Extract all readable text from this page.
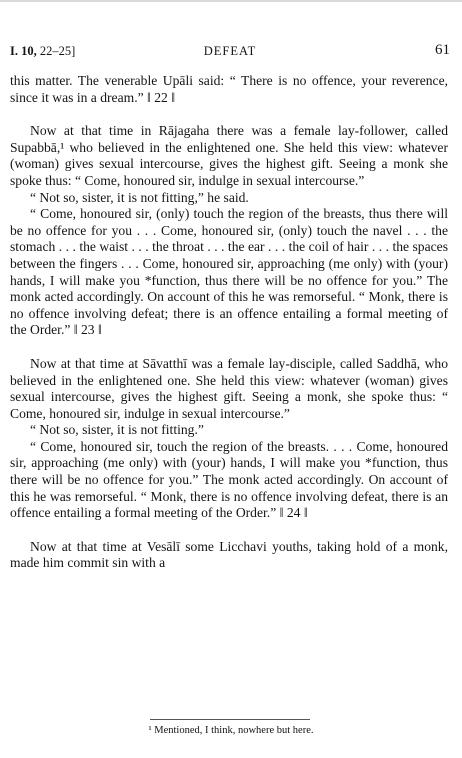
I. 10, 22–25]	DEFEAT	61

this matter. The venerable Upāli said: “ There is no offence, your reverence, since it was in a dream.” ‖ 22 ‖

Now at that time in Rājagaha there was a female lay-follower, called Supabbā,¹ who believed in the enlightened one. She held this view: whatever (woman) gives sexual intercourse, gives the highest gift. Seeing a monk she spoke thus: “ Come, honoured sir, indulge in sexual intercourse.”

“ Not so, sister, it is not fitting,” he said.

“ Come, honoured sir, (only) touch the region of the breasts, thus there will be no offence for you . . . Come, honoured sir, (only) touch the navel . . . the stomach . . . the waist . . . the throat . . . the ear . . . the coil of hair . . . the spaces between the fingers . . . Come, honoured sir, approaching (me only) with (your) hands, I will make you *function, thus there will be no offence for you.” The monk acted accordingly. On account of this he was remorseful. “ Monk, there is no offence involving defeat; there is an offence entailing a formal meeting of the Order.” ‖ 23 ‖

Now at that time at Sāvatthī was a female lay-disciple, called Saddhā, who believed in the enlightened one. She held this view: whatever (woman) gives sexual intercourse, gives the highest gift. Seeing a monk, she spoke thus: “ Come, honoured sir, indulge in sexual intercourse.”

“ Not so, sister, it is not fitting.”

“ Come, honoured sir, touch the region of the breasts. . . . Come, honoured sir, approaching (me only) with (your) hands, I will make you *function, thus there will be no offence for you.” The monk acted accordingly. On account of this he was remorseful. “ Monk, there is no offence involving defeat, there is an offence entailing a formal meeting of the Order.” ‖ 24 ‖

Now at that time at Vesālī some Licchavi youths, taking hold of a monk, made him commit sin with a

¹ Mentioned, I think, nowhere but here.
